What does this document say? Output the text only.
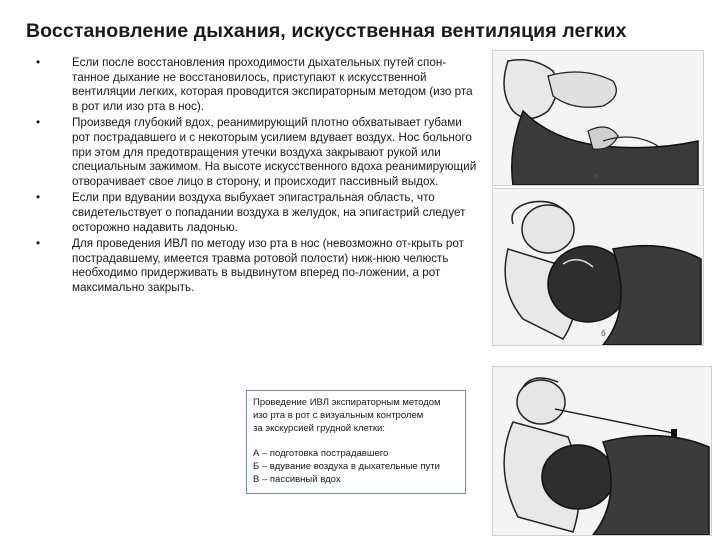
Восстановление дыхания, искусственная вентиляция легких
•	Если после восстановления проходимости дыхательных путей спон-танное дыхание не восстановилось, приступают к искусственной вентиляции легких, которая проводится экспираторным методом (изо рта в рот или изо рта в нос).
•	Произведя глубокий вдох, реанимирующий плотно обхватывает губами рот пострадавшего и с некоторым усилием вдувает воздух. Нос больного при этом для предотвращения утечки воздуха закрывают рукой или специальным зажимом. На высоте искусственного вдоха реанимирующий отворачивает свое лицо в сторону, и происходит пассивный выдох.
•	Если при вдувании воздуха выбухает эпигастральная область, что свидетельствует о попадании воздуха в желудок, на эпигастрий следует осторожно надавить ладонью.
•	Для проведения ИВЛ по методу изо рта в нос (невозможно от-крыть рот пострадавшему, имеется травма ротовой полости) ниж-нюю челюсть необходимо придерживать в выдвинутом вперед по-ложении, а рот максимально закрыть.
а
б

Проведение ИВЛ экспираторным методом

изо рта в рот с визуальным контролем

за экскурсией грудной клетки:

А – подготовка пострадавшего

Б – вдувание воздуха в дыхательные пути

В – пассивный вдох
